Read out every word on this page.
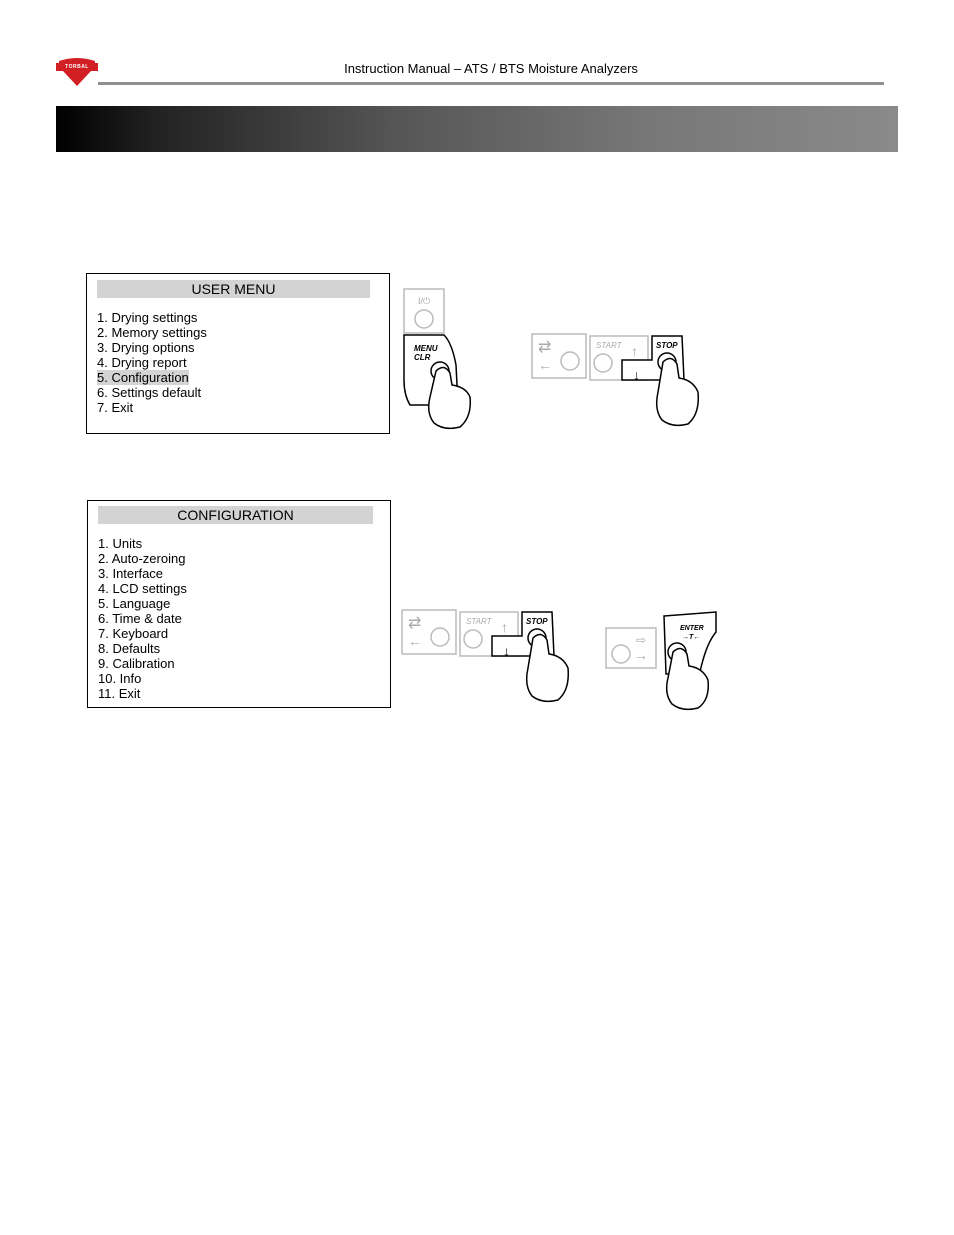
TORBAL	Instruction Manual – ATS / BTS Moisture Analyzers
USER MENU
1. Drying settings
2. Memory settings
3. Drying options
4. Drying report
5. Configuration
6. Settings default
7. Exit
CONFIGURATION
1. Units
2. Auto-zeroing
3. Interface
4. LCD settings
5. Language
6. Time & date
7. Keyboard
8. Defaults
9. Calibration
10. Info
11. Exit
I/⏻
MENU
CLR
⇄
←
START ↑ STOP
↓
⇄
←
START ↑ STOP
↓
⇨
→
ENTER
→T←
